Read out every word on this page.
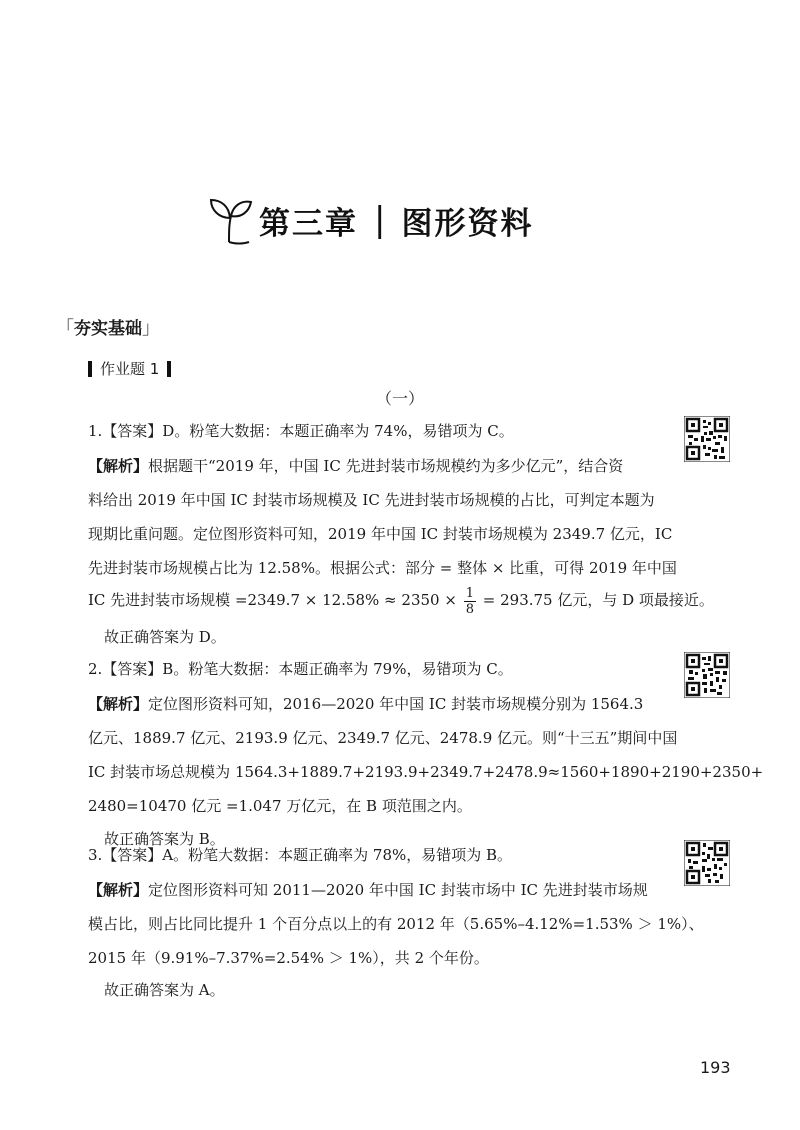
第三章 | 图形资料
「夯实基础」
作业题 1
（一）
1.【答案】D。粉笔大数据：本题正确率为 74%，易错项为 C。
【解析】根据题干“2019 年，中国 IC 先进封装市场规模约为多少亿元”，结合资
料给出 2019 年中国 IC 封装市场规模及 IC 先进封装市场规模的占比，可判定本题为
现期比重问题。定位图形资料可知，2019 年中国 IC 封装市场规模为 2349.7 亿元，IC
先进封装市场规模占比为 12.58%。根据公式：部分 = 整体 × 比重，可得 2019 年中国
IC 先进封装市场规模 $=2349.7 \times 12.58\% \approx 2350 \times \frac{1}{8} = 293.75$ 亿元，与 D 项最接近。
故正确答案为 D。
2.【答案】B。粉笔大数据：本题正确率为 79%，易错项为 C。
【解析】定位图形资料可知，2016—2020 年中国 IC 封装市场规模分别为 1564.3
亿元、1889.7 亿元、2193.9 亿元、2349.7 亿元、2478.9 亿元。则“十三五”期间中国
IC 封装市场总规模为 1564.3+1889.7+2193.9+2349.7+2478.9≈1560+1890+2190+2350+
2480=10470 亿元 =1.047 万亿元，在 B 项范围之内。
故正确答案为 B。
3.【答案】A。粉笔大数据：本题正确率为 78%，易错项为 B。
【解析】定位图形资料可知 2011—2020 年中国 IC 封装市场中 IC 先进封装市场规
模占比，则占比同比提升 1 个百分点以上的有 2012 年（5.65%–4.12%=1.53% ＞ 1%）、
2015 年（9.91%–7.37%=2.54% ＞ 1%），共 2 个年份。
故正确答案为 A。
193
